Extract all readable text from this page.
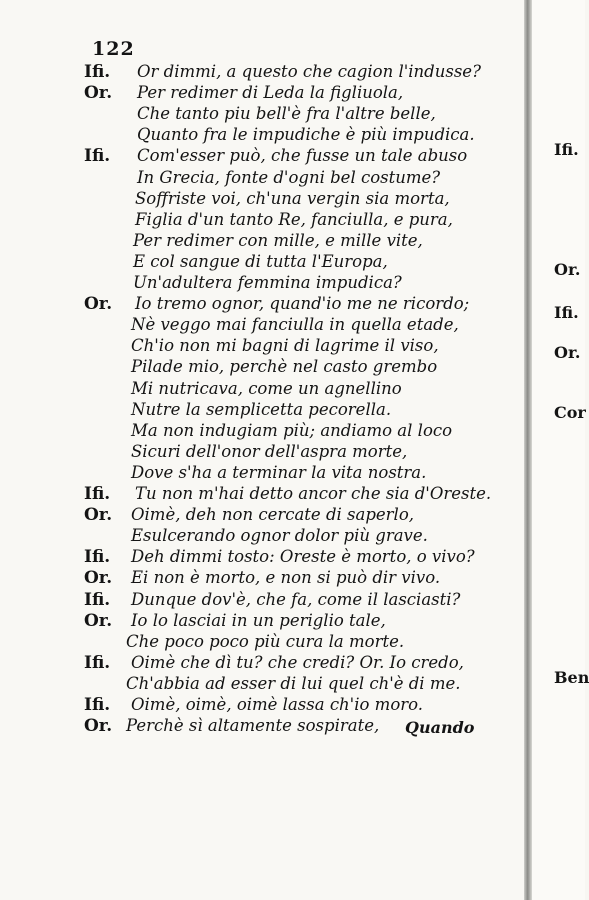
122
Ifi. Or dimmi, a questo che cagion l'indusse?
Or. Per redimer di Leda la figliuola,
Che tanto piu bell'è fra l'altre belle,
Quanto fra le impudiche è più impudica.
Ifi. Com'esser può, che fusse un tale abuso
In Grecia, fonte d'ogni bel costume?
Soffriste voi, ch'una vergin sia morta,
Figlia d'un tanto Re, fanciulla, e pura,
Per redimer con mille, e mille vite,
E col sangue di tutta l'Europa,
Un'adultera femmina impudica?
Or. Io tremo ognor, quand'io me ne ricordo;
Nè veggo mai fanciulla in quella etade,
Ch'io non mi bagni di lagrime il viso,
Pilade mio, perchè nel casto grembo
Mi nutricava, come un agnellino
Nutre la semplicetta pecorella.
Ma non indugiam più; andiamo al loco
Sicuri dell'onor dell'aspra morte,
Dove s'ha a terminar la vita nostra.
Ifi. Tu non m'hai detto ancor che sia d'Oreste.
Or. Oimè, deh non cercate di saperlo,
Esulcerando ognor dolor più grave.
Ifi. Deh dimmi tosto: Oreste è morto, o vivo?
Or. Ei non è morto, e non si può dir vivo.
Ifi. Dunque dov'è, che fa, come il lasciasti?
Or. Io lo lasciai in un periglio tale,
Che poco poco più cura la morte.
Ifi. Oimè che dì tu? che credi? Or. Io credo,
Ch'abbia ad esser di lui quel ch'è di me.
Ifi. Oimè, oimè, oimè lassa ch'io moro.
Or. Perchè sì altamente sospirate, Quando
Ifi.
Or.
Ifi.
Or.
Cor
Ben
